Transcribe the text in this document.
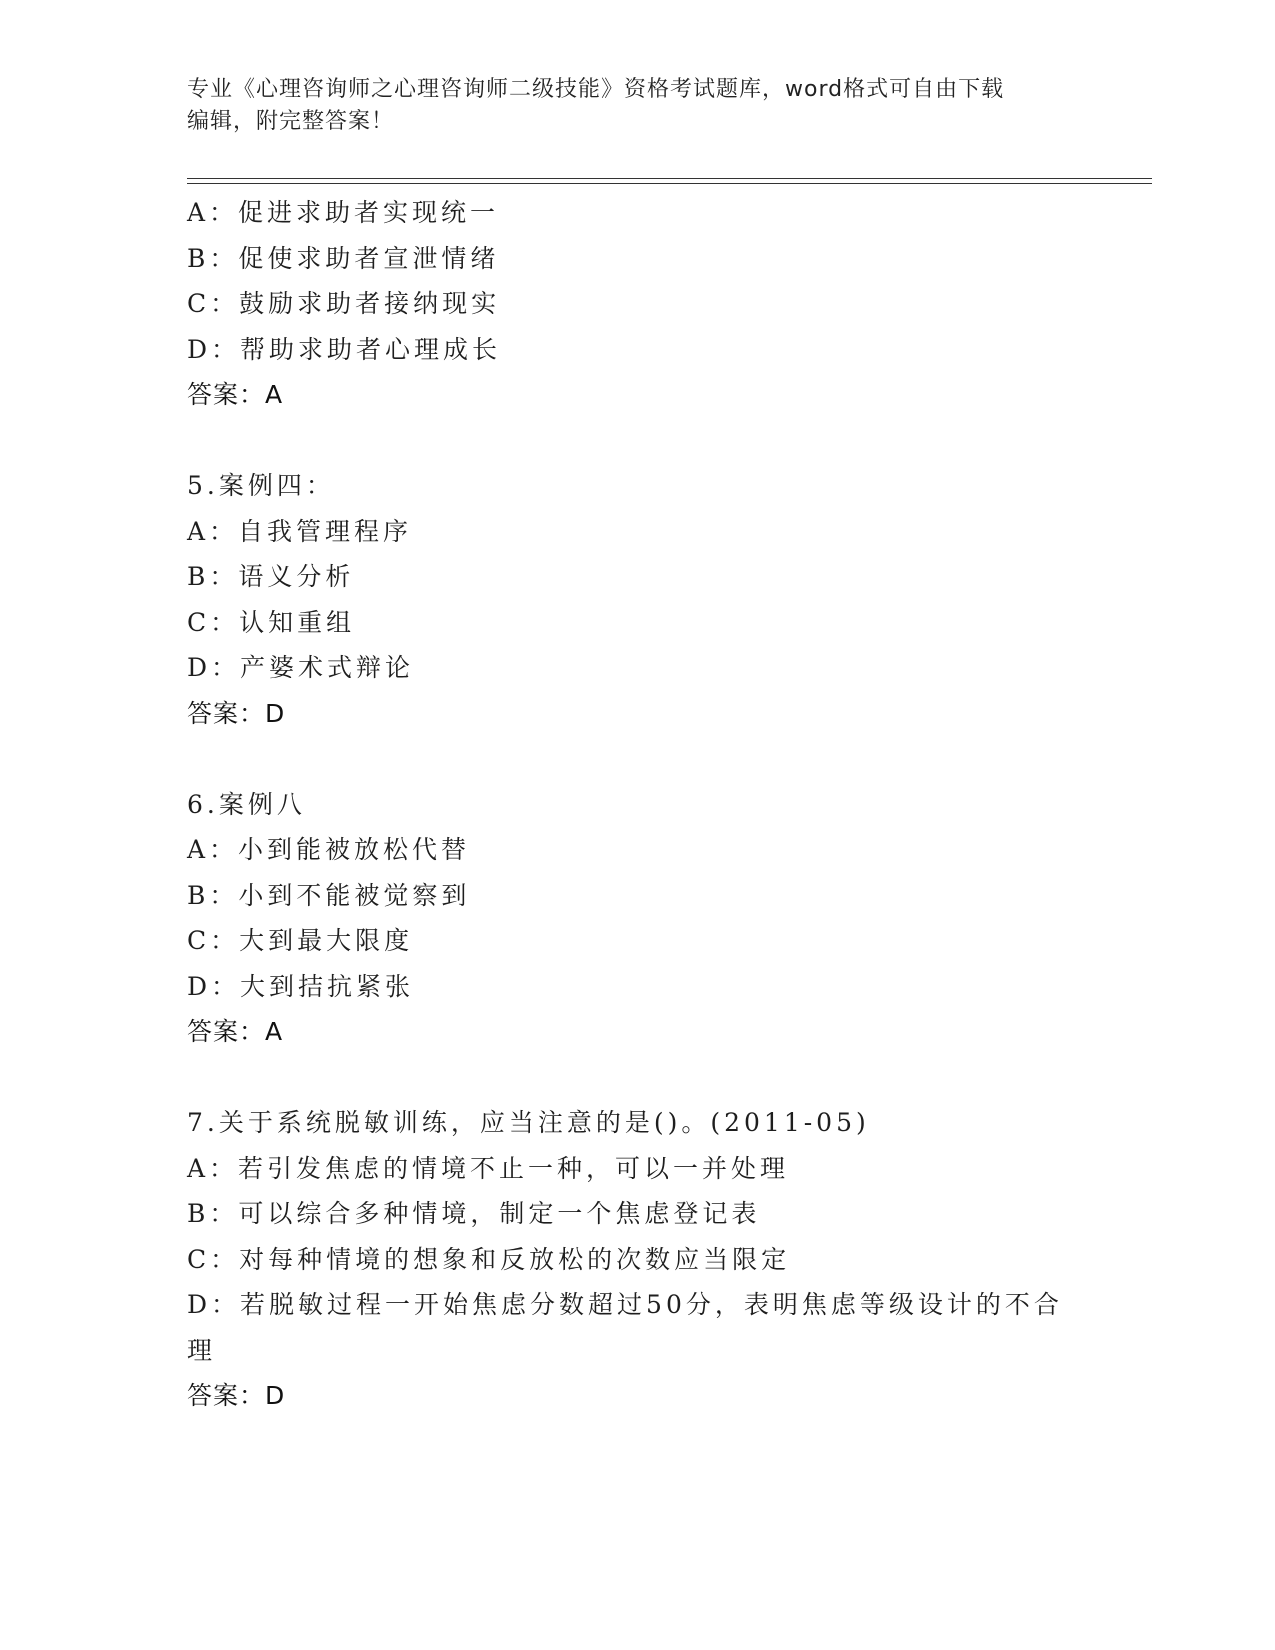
专业《心理咨询师之心理咨询师二级技能》资格考试题库，word格式可自由下载
编辑，附完整答案！
A：促进求助者实现统一
B：促使求助者宣泄情绪
C：鼓励求助者接纳现实
D：帮助求助者心理成长
答案：A
5.案例四：
A：自我管理程序
B：语义分析
C：认知重组
D：产婆术式辩论
答案：D
6.案例八
A：小到能被放松代替
B：小到不能被觉察到
C：大到最大限度
D：大到拮抗紧张
答案：A
7.关于系统脱敏训练，应当注意的是()。(2011-05)
A：若引发焦虑的情境不止一种，可以一并处理
B：可以综合多种情境，制定一个焦虑登记表
C：对每种情境的想象和反放松的次数应当限定
D：若脱敏过程一开始焦虑分数超过50分，表明焦虑等级设计的不合理
答案：D
